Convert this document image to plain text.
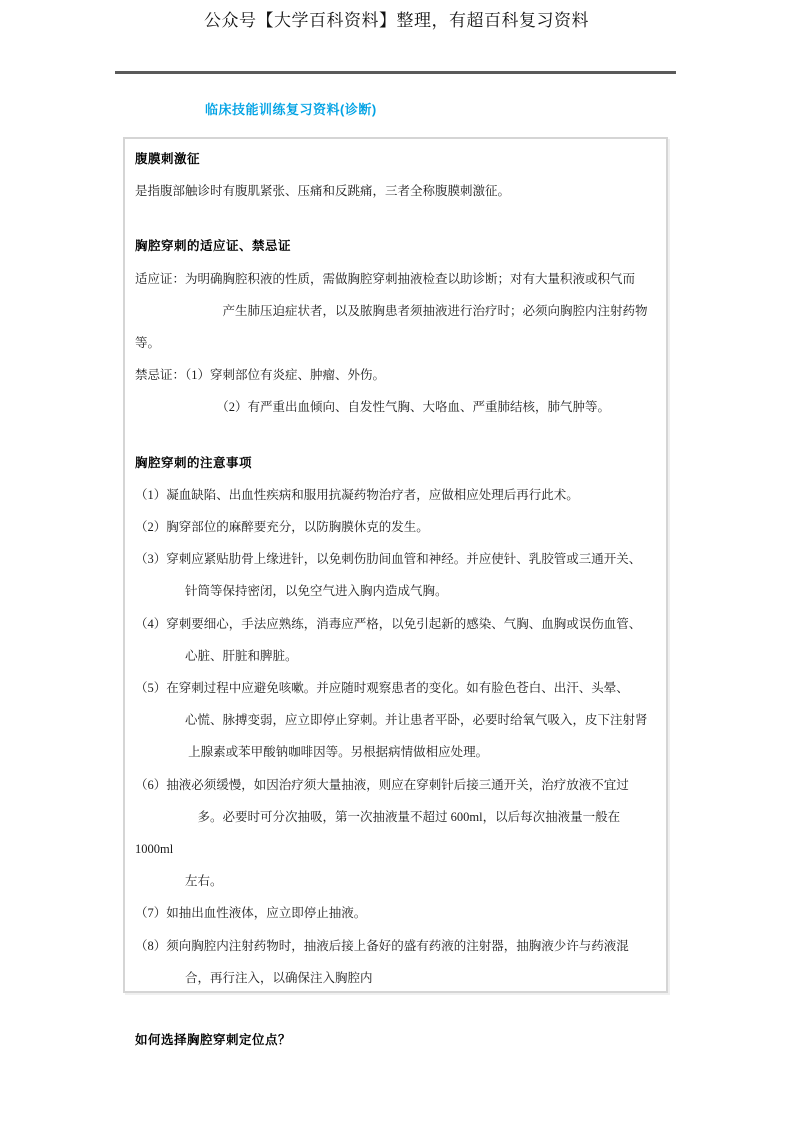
公众号【大学百科资料】整理，有超百科复习资料
临床技能训练复习资料(诊断)
腹膜刺激征
是指腹部触诊时有腹肌紧张、压痛和反跳痛，三者全称腹膜刺激征。
胸腔穿刺的适应证、禁忌证
适应证：为明确胸腔积液的性质，需做胸腔穿刺抽液检查以助诊断；对有大量积液或积气而
　　　　　　　产生肺压迫症状者，以及脓胸患者须抽液进行治疗时；必须向胸腔内注射药物等。
禁忌证：（1）穿刺部位有炎症、肿瘤、外伤。
　　　　　　　（2）有严重出血倾向、自发性气胸、大咯血、严重肺结核，肺气肿等。
胸腔穿刺的注意事项
（1）凝血缺陷、出血性疾病和服用抗凝药物治疗者，应做相应处理后再行此术。
（2）胸穿部位的麻醉要充分，以防胸膜休克的发生。
（3）穿刺应紧贴肋骨上缘进针，以免刺伤肋间血管和神经。并应使针、乳胶管或三通开关、
　　　　针筒等保持密闭，以免空气进入胸内造成气胸。
（4）穿刺要细心，手法应熟练，消毒应严格，以免引起新的感染、气胸、血胸或误伤血管、
　　　　心脏、肝脏和脾脏。
（5）在穿刺过程中应避免咳嗽。并应随时观察患者的变化。如有脸色苍白、出汗、头晕、
　　　　心慌、脉搏变弱，应立即停止穿刺。并让患者平卧，必要时给氧气吸入，皮下注射肾
　　　　 上腺素或苯甲酸钠咖啡因等。另根据病情做相应处理。
（6）抽液必须缓慢，如因治疗须大量抽液，则应在穿刺针后接三通开关，治疗放液不宜过
　　　　　多。必要时可分次抽吸，第一次抽液量不超过 600ml，以后每次抽液量一般在 1000ml
　　　　左右。
（7）如抽出血性液体，应立即停止抽液。
（8）须向胸腔内注射药物时，抽液后接上备好的盛有药液的注射器，抽胸液少许与药液混
　　　　合，再行注入，以确保注入胸腔内
如何选择胸腔穿刺定位点？
